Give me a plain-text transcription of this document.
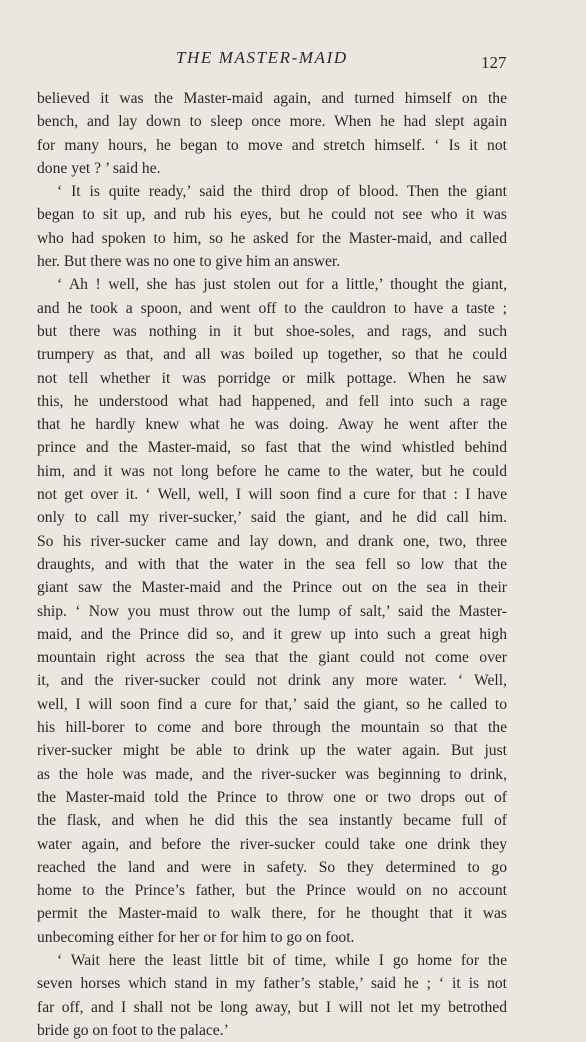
THE MASTER-MAID	127
believed it was the Master-maid again, and turned himself on the
bench, and lay down to sleep once more. When he had slept again
for many hours, he began to move and stretch himself. ‘ Is it not
done yet ? ’ said he.
‘ It is quite ready,’ said the third drop of blood. Then the giant
began to sit up, and rub his eyes, but he could not see who it was
who had spoken to him, so he asked for the Master-maid, and called
her. But there was no one to give him an answer.
‘ Ah ! well, she has just stolen out for a little,’ thought the giant,
and he took a spoon, and went off to the cauldron to have a taste ;
but there was nothing in it but shoe-soles, and rags, and such
trumpery as that, and all was boiled up together, so that he could
not tell whether it was porridge or milk pottage. When he saw
this, he understood what had happened, and fell into such a rage
that he hardly knew what he was doing. Away he went after the
prince and the Master-maid, so fast that the wind whistled behind
him, and it was not long before he came to the water, but he could
not get over it. ‘ Well, well, I will soon find a cure for that : I have
only to call my river-sucker,’ said the giant, and he did call him.
So his river-sucker came and lay down, and drank one, two, three
draughts, and with that the water in the sea fell so low that the
giant saw the Master-maid and the Prince out on the sea in their
ship. ‘ Now you must throw out the lump of salt,’ said the Master-
maid, and the Prince did so, and it grew up into such a great high
mountain right across the sea that the giant could not come over
it, and the river-sucker could not drink any more water. ‘ Well,
well, I will soon find a cure for that,’ said the giant, so he called to
his hill-borer to come and bore through the mountain so that the
river-sucker might be able to drink up the water again. But just
as the hole was made, and the river-sucker was beginning to drink,
the Master-maid told the Prince to throw one or two drops out of
the flask, and when he did this the sea instantly became full of
water again, and before the river-sucker could take one drink they
reached the land and were in safety. So they determined to go
home to the Prince’s father, but the Prince would on no account
permit the Master-maid to walk there, for he thought that it was
unbecoming either for her or for him to go on foot.
‘ Wait here the least little bit of time, while I go home for the
seven horses which stand in my father’s stable,’ said he ; ‘ it is not
far off, and I shall not be long away, but I will not let my betrothed
bride go on foot to the palace.’
